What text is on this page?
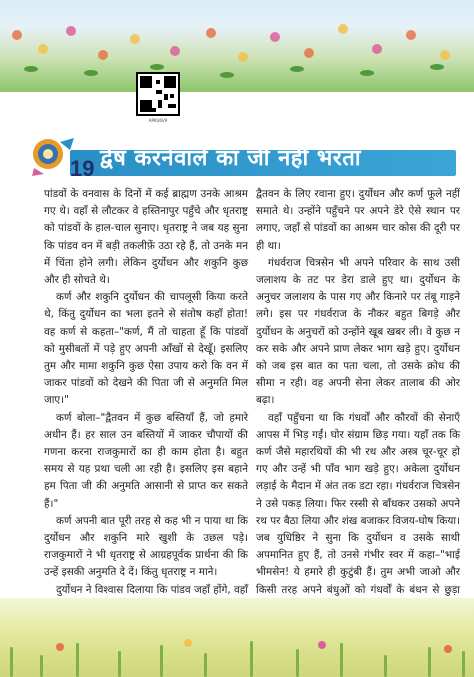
APKU6V9
19 द्वेष करनेवाले का जी नहीं भरता

पांडवों के वनवास के दिनों में कई ब्राह्मण उनके आश्रम गए थे। वहाँ से लौटकर वे हस्तिनापुर पहुँचे और धृतराष्ट्र को पांडवों के हाल-चाल सुनाए। धृतराष्ट्र ने जब यह सुना कि पांडव वन में बड़ी तकलीफ़ें उठा रहे हैं, तो उनके मन में चिंता होने लगी। लेकिन दुर्योधन और शकुनि कुछ और ही सोचते थे।

कर्ण और शकुनि दुर्योधन की चापलूसी किया करते थे, किंतु दुर्योधन का भला इतने से संतोष कहाँ होता! वह कर्ण से कहता–"कर्ण, मैं तो चाहता हूँ कि पांडवों को मुसीबतों में पड़े हुए अपनी आँखों से देखूँ। इसलिए तुम और मामा शकुनि कुछ ऐसा उपाय करो कि वन में जाकर पांडवों को देखने की पिता जी से अनुमति मिल जाए।"

कर्ण बोला–"द्वैतवन में कुछ बस्तियाँ हैं, जो हमारे अधीन हैं। हर साल उन बस्तियों में जाकर चौपायों की गणना करना राजकुमारों का ही काम होता है। बहुत समय से यह प्रथा चली आ रही है। इसलिए इस बहाने हम पिता जी की अनुमति आसानी से प्राप्त कर सकते हैं।"

कर्ण अपनी बात पूरी तरह से कह भी न पाया था कि दुर्योधन और शकुनि मारे खुशी के उछल पड़े। राजकुमारों ने भी धृतराष्ट्र से आग्रहपूर्वक प्रार्थना की कि उन्हें इसकी अनुमति दे दें। किंतु धृतराष्ट्र न माने।

दुर्योधन ने विश्वास दिलाया कि पांडव जहाँ होंगे, वहाँ

द्वैतवन के लिए रवाना हुए। दुर्योधन और कर्ण फूले नहीं समाते थे। उन्होंने पहुँचने पर अपने डेरे ऐसे स्थान पर लगाए, जहाँ से पांडवों का आश्रम चार कोस की दूरी पर ही था।

गंधर्वराज चित्रसेन भी अपने परिवार के साथ उसी जलाशय के तट पर डेरा डाले हुए था। दुर्योधन के अनुचर जलाशय के पास गए और किनारे पर तंबू गाड़ने लगे। इस पर गंधर्वराज के नौकर बहुत बिगड़े और दुर्योधन के अनुचरों को उन्होंने खूब खबर ली। वे कुछ न कर सके और अपने प्राण लेकर भाग खड़े हुए। दुर्योधन को जब इस बात का पता चला, तो उसके क्रोध की सीमा न रही। वह अपनी सेना लेकर तालाब की ओर बढ़ा।

वहाँ पहुँचना था कि गंधर्वों और कौरवों की सेनाएँ आपस में भिड़ गईं। घोर संग्राम छिड़ गया। यहाँ तक कि कर्ण जैसे महारथियों की भी रथ और अस्त्र चूर-चूर हो गए और उन्हें भी पाँव भाग खड़े हुए। अकेला दुर्योधन लड़ाई के मैदान में अंत तक डटा रहा। गंधर्वराज चित्रसेन ने उसे पकड़ लिया। फिर रस्सी से बाँधकर उसको अपने रथ पर बैठा लिया और शंख बजाकर विजय-घोष किया। जब युधिष्ठिर ने सुना कि दुर्योधन व उसके साथी अपमानित हुए हैं, तो उनसे गंभीर स्वर में कहा–"भाई भीमसेन! ये हमारे ही कुटुंबी हैं। तुम अभी जाओ और किसी तरह अपने बंधुओं को गंधर्वों के बंधन से छुड़ा
